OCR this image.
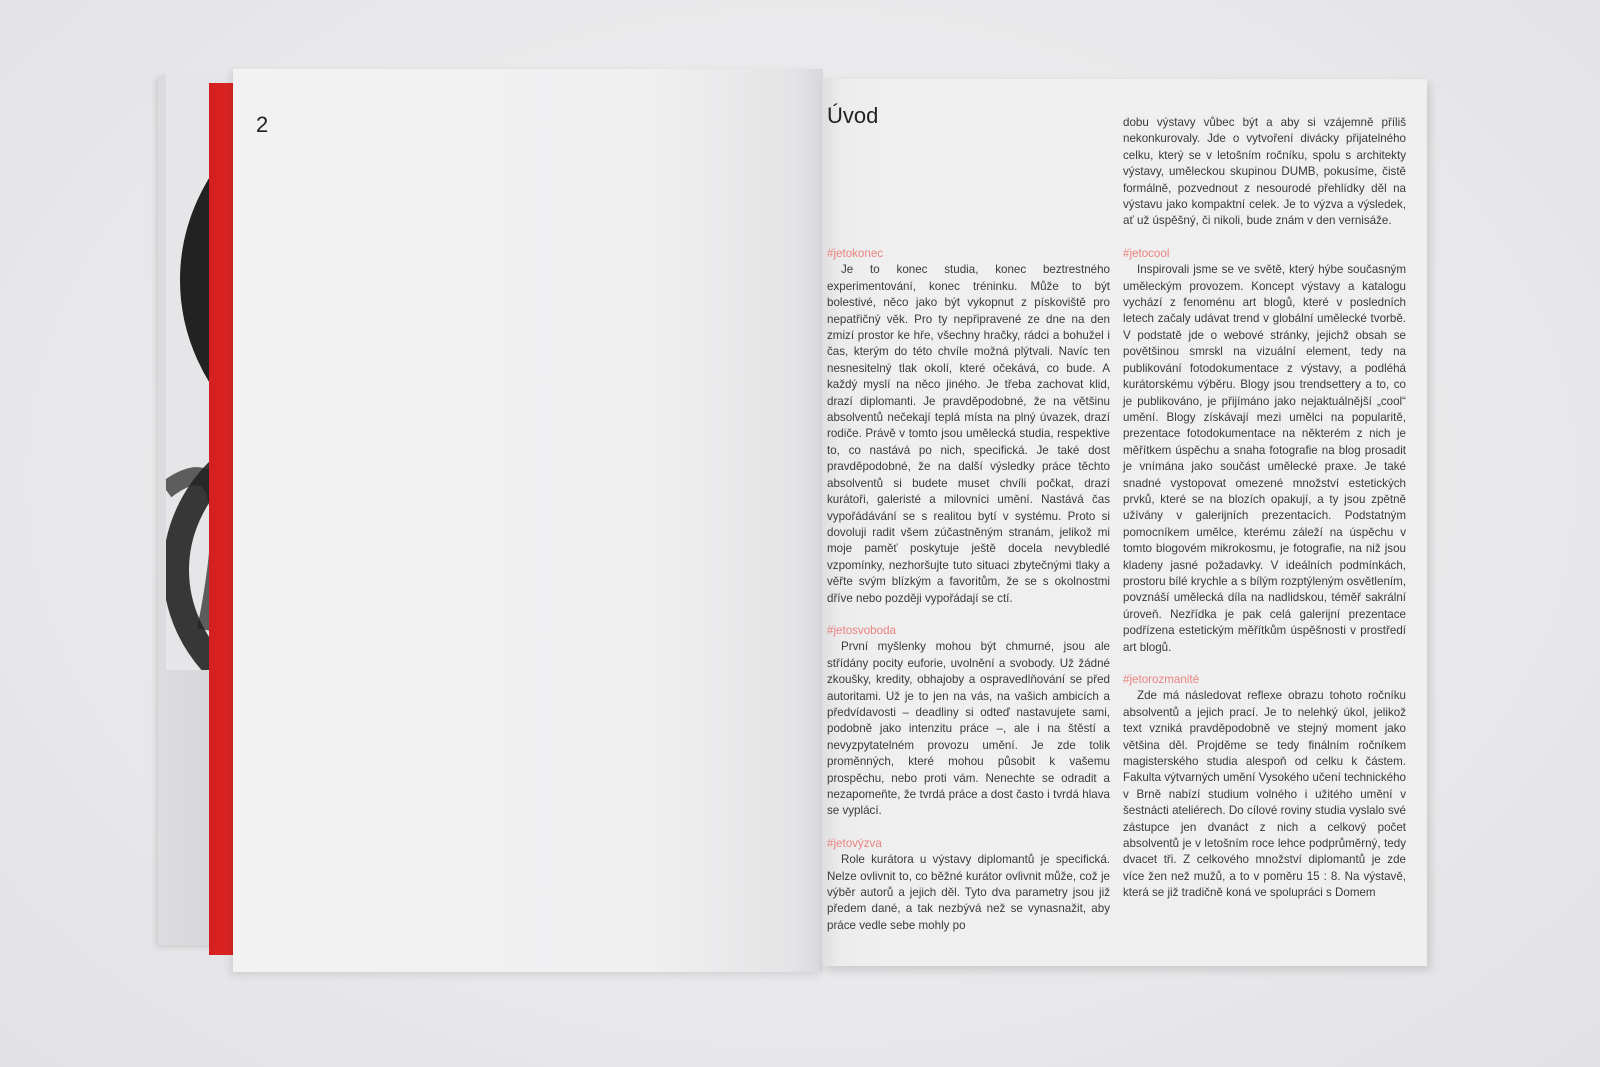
2	Úvod
#jetokonec

Je to konec studia, konec beztrestného experimentování, konec tréninku. Může to být bolestivé, něco jako být vykopnut z pískoviště pro nepatřičný věk. Pro ty nepřipravené ze dne na den zmizí prostor ke hře, všechny hračky, rádci a bohužel i čas, kterým do této chvíle možná plýtvali. Navíc ten nesnesitelný tlak okolí, které očekává, co bude. A každý myslí na něco jiného. Je třeba zachovat klid, drazí diplomanti. Je pravděpodobné, že na většinu absolventů nečekají teplá místa na plný úvazek, drazí rodiče. Právě v tomto jsou umělecká studia, respektive to, co nastává po nich, specifická. Je také dost pravděpodobné, že na další výsledky práce těchto absolventů si budete muset chvíli počkat, drazí kurátoři, galeristé a milovníci umění. Nastává čas vypořádávání se s realitou bytí v systému. Proto si dovoluji radit všem zúčastněným stranám, jelikož mi moje paměť poskytuje ještě docela nevybledlé vzpomínky, nezhoršujte tuto situaci zbytečnými tlaky a věřte svým blízkým a favoritům, že se s okolnostmi dříve nebo později vypořádají se ctí.

#jetosvoboda

První myšlenky mohou být chmurné, jsou ale střídány pocity euforie, uvolnění a svobody. Už žádné zkoušky, kredity, obhajoby a ospravedlňování se před autoritami. Už je to jen na vás, na vašich ambicích a předvídavosti – deadliny si odteď nastavujete sami, podobně jako intenzitu práce –, ale i na štěstí a nevyzpytatelném provozu umění. Je zde tolik proměnných, které mohou působit k vašemu prospěchu, nebo proti vám. Nenechte se odradit a nezapomeňte, že tvrdá práce a dost často i tvrdá hlava se vyplácí.

#jetovýzva

Role kurátora u výstavy diplomantů je specifická. Nelze ovlivnit to, co běžné kurátor ovlivnit může, což je výběr autorů a jejich děl. Tyto dva parametry jsou již předem dané, a tak nezbývá než se vynasnažit, aby práce vedle sebe mohly po

dobu výstavy vůbec být a aby si vzájemně příliš nekonkurovaly. Jde o vytvoření divácky přijatelného celku, který se v letošním ročníku, spolu s architekty výstavy, uměleckou skupinou DUMB, pokusíme, čistě formálně, pozvednout z nesourodé přehlídky děl na výstavu jako kompaktní celek. Je to výzva a výsledek, ať už úspěšný, či nikoli, bude znám v den vernisáže.

#jetocool

Inspirovali jsme se ve světě, který hýbe současným uměleckým provozem. Koncept výstavy a katalogu vychází z fenoménu art blogů, které v posledních letech začaly udávat trend v globální umělecké tvorbě. V podstatě jde o webové stránky, jejichž obsah se povětšinou smrskl na vizuální element, tedy na publikování fotodokumentace z výstavy, a podléhá kurátorskému výběru. Blogy jsou trendsettery a to, co je publikováno, je přijímáno jako nejaktuálnější „cool“ umění. Blogy získávají mezi umělci na popularitě, prezentace fotodokumentace na některém z nich je měřítkem úspěchu a snaha fotografie na blog prosadit je vnímána jako součást umělecké praxe. Je také snadné vystopovat omezené množství estetických prvků, které se na blozích opakují, a ty jsou zpětně užívány v galerijních prezentacích. Podstatným pomocníkem umělce, kterému záleží na úspěchu v tomto blogovém mikrokosmu, je fotografie, na niž jsou kladeny jasné požadavky. V ideálních podmínkách, prostoru bílé krychle a s bílým rozptýleným osvětlením, povznáší umělecká díla na nadlidskou, téměř sakrální úroveň. Nezřídka je pak celá galerijní prezentace podřízena estetickým měřítkům úspěšnosti v prostředí art blogů.

#jetorozmanité

Zde má následovat reflexe obrazu tohoto ročníku absolventů a jejich prací. Je to nelehký úkol, jelikož text vzniká pravděpodobně ve stejný moment jako většina děl. Projděme se tedy finálním ročníkem magisterského studia alespoň od celku k částem. Fakulta výtvarných umění Vysokého učení technického v Brně nabízí studium volného i užitého umění v šestnácti ateliérech. Do cílové roviny studia vyslalo své zástupce jen dvanáct z nich a celkový počet absolventů je v letošním roce lehce podprůměrný, tedy dvacet tři. Z celkového množství diplomantů je zde více žen než mužů, a to v poměru 15 : 8. Na výstavě, která se již tradičně koná ve spolupráci s Domem
